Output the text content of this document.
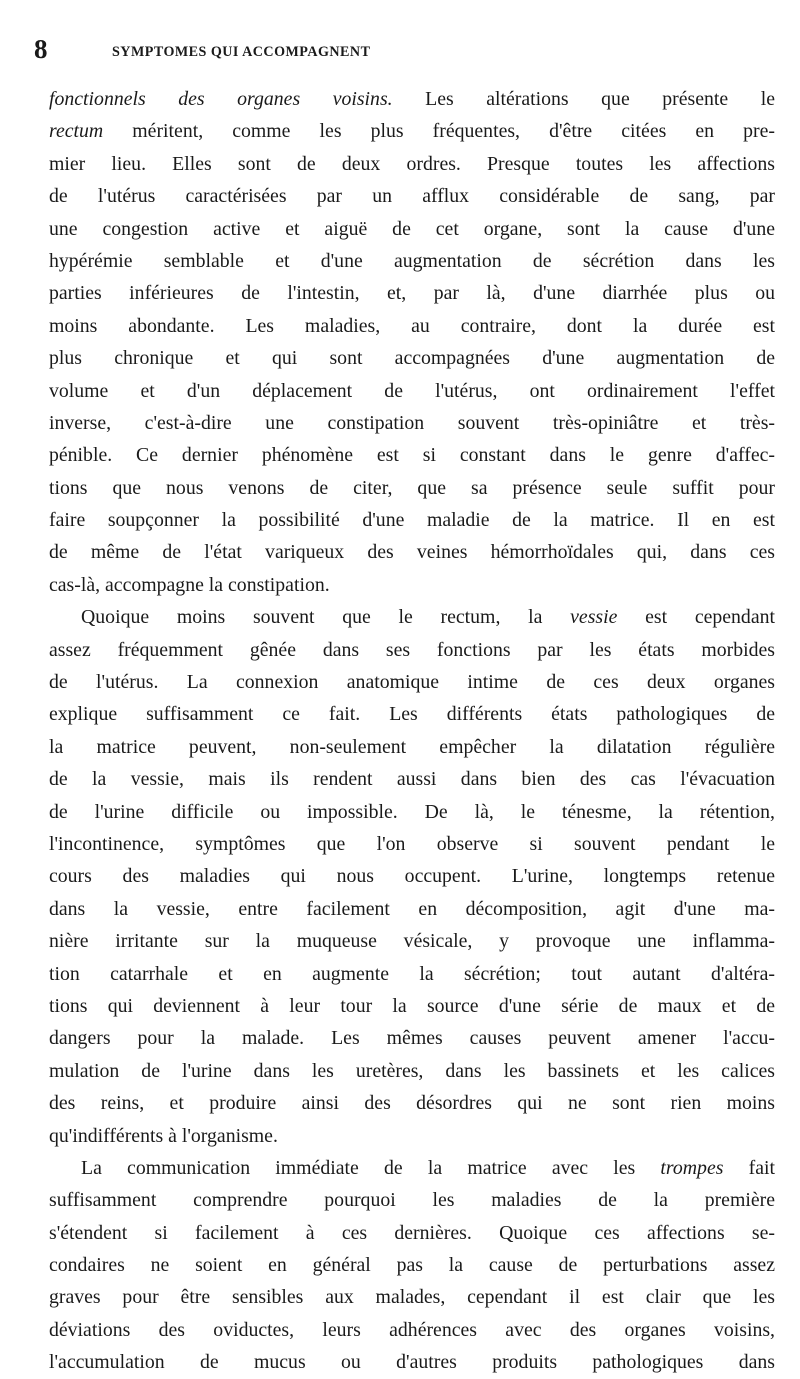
8	SYMPTOMES QUI ACCOMPAGNENT
fonctionnels des organes voisins. Les altérations que présente le
rectum méritent, comme les plus fréquentes, d'être citées en pre-
mier lieu. Elles sont de deux ordres. Presque toutes les affections
de l'utérus caractérisées par un afflux considérable de sang, par
une congestion active et aiguë de cet organe, sont la cause d'une
hypérémie semblable et d'une augmentation de sécrétion dans les
parties inférieures de l'intestin, et, par là, d'une diarrhée plus ou
moins abondante. Les maladies, au contraire, dont la durée est
plus chronique et qui sont accompagnées d'une augmentation de
volume et d'un déplacement de l'utérus, ont ordinairement l'effet
inverse, c'est-à-dire une constipation souvent très-opiniâtre et très-
pénible. Ce dernier phénomène est si constant dans le genre d'affec-
tions que nous venons de citer, que sa présence seule suffit pour
faire soupçonner la possibilité d'une maladie de la matrice. Il en est
de même de l'état variqueux des veines hémorrhoïdales qui, dans ces
cas-là, accompagne la constipation.
Quoique moins souvent que le rectum, la vessie est cependant
assez fréquemment gênée dans ses fonctions par les états morbides
de l'utérus. La connexion anatomique intime de ces deux organes
explique suffisamment ce fait. Les différents états pathologiques de
la matrice peuvent, non-seulement empêcher la dilatation régulière
de la vessie, mais ils rendent aussi dans bien des cas l'évacuation
de l'urine difficile ou impossible. De là, le ténesme, la rétention,
l'incontinence, symptômes que l'on observe si souvent pendant le
cours des maladies qui nous occupent. L'urine, longtemps retenue
dans la vessie, entre facilement en décomposition, agit d'une ma-
nière irritante sur la muqueuse vésicale, y provoque une inflamma-
tion catarrhale et en augmente la sécrétion; tout autant d'altéra-
tions qui deviennent à leur tour la source d'une série de maux et de
dangers pour la malade. Les mêmes causes peuvent amener l'accu-
mulation de l'urine dans les uretères, dans les bassinets et les calices
des reins, et produire ainsi des désordres qui ne sont rien moins
qu'indifférents à l'organisme.
La communication immédiate de la matrice avec les trompes fait
suffisamment comprendre pourquoi les maladies de la première
s'étendent si facilement à ces dernières. Quoique ces affections se-
condaires ne soient en général pas la cause de perturbations assez
graves pour être sensibles aux malades, cependant il est clair que les
déviations des oviductes, leurs adhérences avec des organes voisins,
l'accumulation de mucus ou d'autres produits pathologiques dans
